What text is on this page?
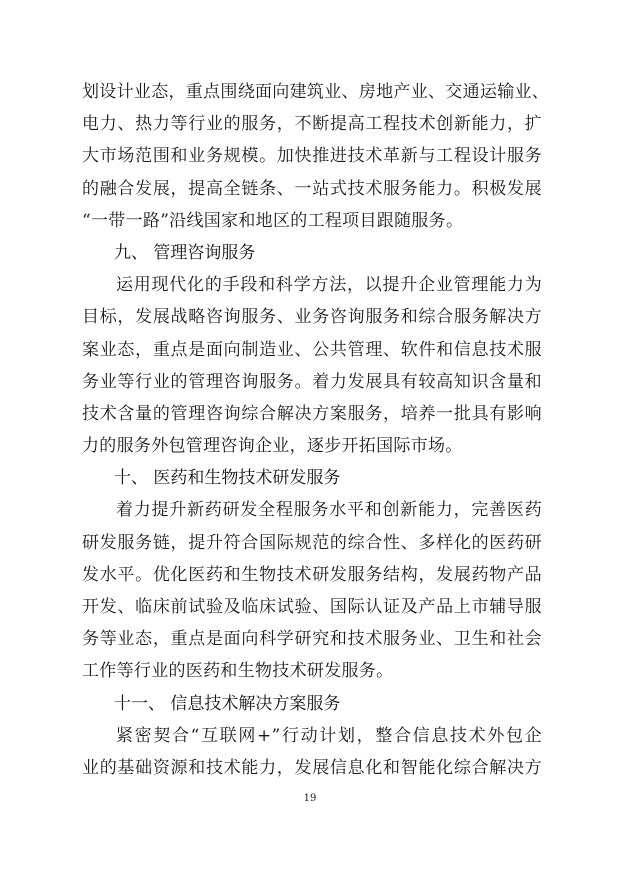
划设计业态，重点围绕面向建筑业、房地产业、交通运输业、
电力、热力等行业的服务，不断提高工程技术创新能力，扩
大市场范围和业务规模。加快推进技术革新与工程设计服务
的融合发展，提高全链条、一站式技术服务能力。积极发展
“一带一路”沿线国家和地区的工程项目跟随服务。
九、 管理咨询服务
运用现代化的手段和科学方法，以提升企业管理能力为
目标，发展战略咨询服务、业务咨询服务和综合服务解决方
案业态，重点是面向制造业、公共管理、软件和信息技术服
务业等行业的管理咨询服务。着力发展具有较高知识含量和
技术含量的管理咨询综合解决方案服务，培养一批具有影响
力的服务外包管理咨询企业，逐步开拓国际市场。
十、 医药和生物技术研发服务
着力提升新药研发全程服务水平和创新能力，完善医药
研发服务链，提升符合国际规范的综合性、多样化的医药研
发水平。优化医药和生物技术研发服务结构，发展药物产品
开发、临床前试验及临床试验、国际认证及产品上市辅导服
务等业态，重点是面向科学研究和技术服务业、卫生和社会
工作等行业的医药和生物技术研发服务。
十一、 信息技术解决方案服务
紧密契合“互联网+”行动计划，整合信息技术外包企
业的基础资源和技术能力，发展信息化和智能化综合解决方
19
